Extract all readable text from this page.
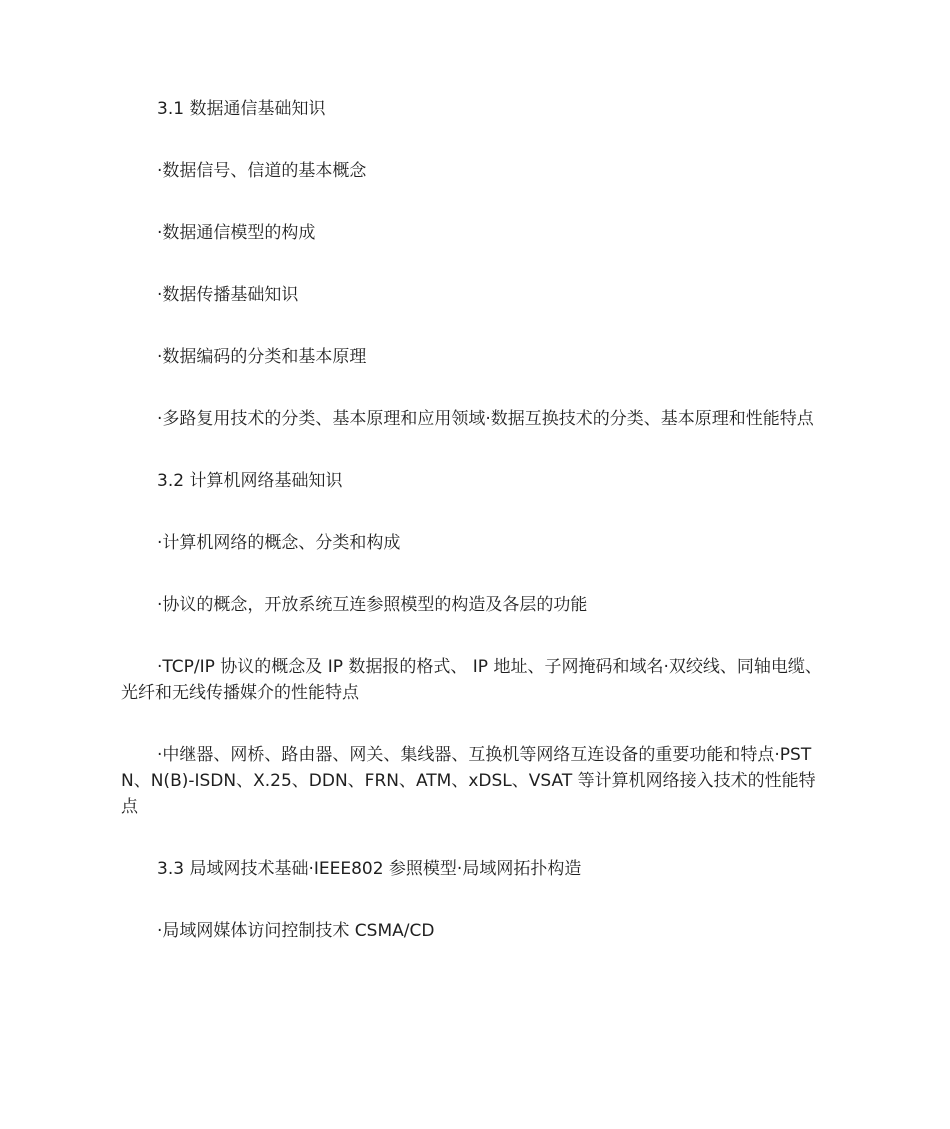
3.1 数据通信基础知识

·数据信号、信道的基本概念

·数据通信模型的构成

·数据传播基础知识

·数据编码的分类和基本原理

·多路复用技术的分类、基本原理和应用领域·数据互换技术的分类、基本原理和性能特点

3.2 计算机网络基础知识

·计算机网络的概念、分类和构成

·协议的概念，开放系统互连参照模型的构造及各层的功能

·TCP/IP 协议的概念及 IP 数据报的格式、 IP 地址、子网掩码和域名·双绞线、同轴电缆、光纤和无线传播媒介的性能特点

·中继器、网桥、路由器、网关、集线器、互换机等网络互连设备的重要功能和特点·PSTN、N(B)-ISDN、X.25、DDN、FRN、ATM、xDSL、VSAT 等计算机网络接入技术的性能特点

3.3 局域网技术基础·IEEE802 参照模型·局域网拓扑构造

·局域网媒体访问控制技术 CSMA/CD
